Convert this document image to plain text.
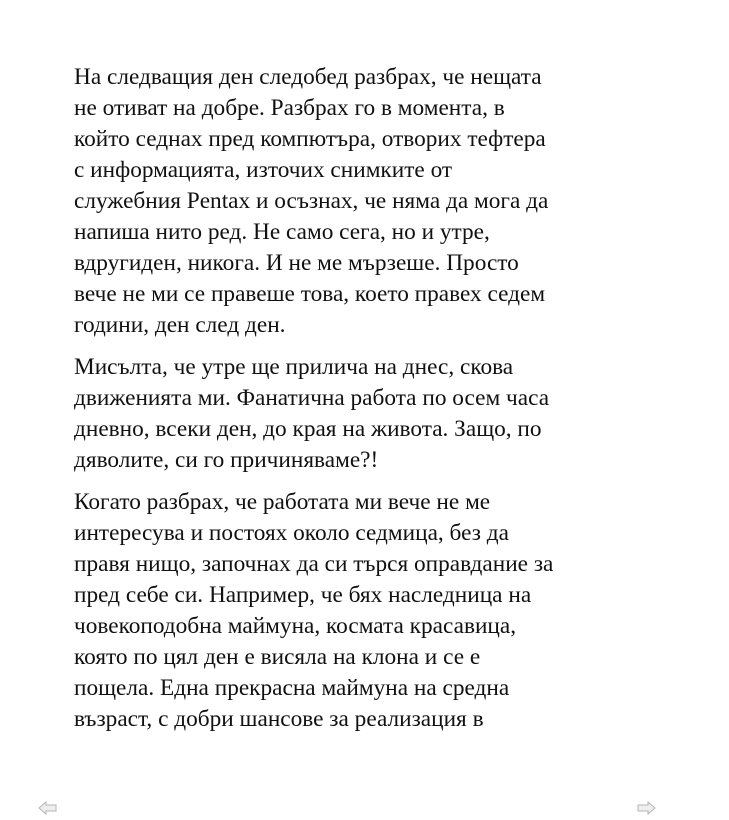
На следващия ден следобед разбрах, че нещата
не отиват на добре. Разбрах го в момента, в
който седнах пред компютъра, отворих тефтера
с информацията, източих снимките от
служебния Pentax и осъзнах, че няма да мога да
напиша нито ред. Не само сега, но и утре,
вдругиден, никога. И не ме мързеше. Просто
вече не ми се правеше това, което правех седем
години, ден след ден.

Мисълта, че утре ще прилича на днес, скова
движенията ми. Фанатична работа по осем часа
дневно, всеки ден, до края на живота. Защо, по
дяволите, си го причиняваме?!

Когато разбрах, че работата ми вече не ме
интересува и постоях около седмица, без да
правя нищо, започнах да си търся оправдание за
пред себе си. Например, че бях наследница на
човекоподобна маймуна, космата красавица,
която по цял ден е висяла на клона и се е
пощела. Една прекрасна маймуна на средна
възраст, с добри шансове за реализация в
